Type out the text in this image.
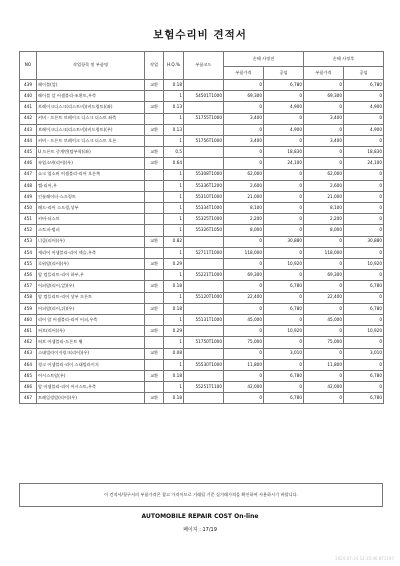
보험수리비 견적서
NO	작업항목 및 부품명	작업	H.Q.%	부품코드	손해 사정전		손해 사정후	
					부품가격	공임	부품가격	공임
439	레이블(앞)	교환	0.18		0	6,780	0	6,780
440	레이블 앞 어셈블리-조흰트,우측		1	54501T1000	69,300	0	69,300	0
441	브레이크디스크(리스트비)(비드링트)(좌)	교환	0.13		0	4,900	0	4,900
442	커버 - 프론트 브레이크 디스크 더스트 좌측		1	51755T1000	3,400	0	3,400	0
443	브레이크디스크(리스트비)(비드링트)(우)	교환	0.13		0	4,900	0	4,900
444	커버 - 프론트 브레이크 디스크 더스트 오른		1	51756T1000	3,400	0	3,400	0
445	U 프론트 중계빈(탈부착)(좌)	교환	0.5		0	18,830	0	18,830
446	쇽업소버(리어)(우)	교환	0.64		0	24,100	0	24,100
447	쇼크 업소버 어셈블리-리어 오른쪽		1	55308T1000	62,000	0	62,000	0
448	캡-리어,우		1	55336T1200	2,600	0	2,600	0
449	인슐레이터-스프링트		1	55310T1000	21,000	0	21,000	0
450	패드-리어 스프링,상부		1	55334T1000	8,100	0	8,100	0
451	커버-더스트		1	55325T1000	2,200	0	2,200	0
452	스토퍼-범퍼		1	55326T1050	8,000	0	8,000	0
453	너클(리어)(우)	교환	0.82		0	30,880	0	30,880
454	캐리어 어셈블리-리어 액슬,우측		1	52711T1000	118,000	0	118,000	0
455	로워암(리어)(우)	교환	0.29		0	10,920	0	10,920
456	암 컴플리트-리어 하부,우		1	55221T1000	69,300	0	69,300	0
457	어퍼암(리어,앞)(우)	교환	0.18		0	6,780	0	6,780
458	암 컴플리트-리어 상부 프론트		1	55120T1000	22,400	0	22,400	0
459	어퍼암(리어,뒤)(우)	교환	0.18		0	6,780	0	6,780
460	리어 암 어셈블리-리어 어퍼,우측		1	55131T1000	45,000	0	45,000	0
461	허브(리어)(우)	교환	0.29		0	10,920	0	10,920
462	허브 어셈블리-프론트 휠		1	51750T1000	75,000	0	75,000	0
463	스태빌라이저링크(리어)(우)	교환	0.08		0	3,010	0	3,010
464	링크 어셈블리-리어 스태빌라이저		1	55530T1000	11,800	0	11,800	0
465	어시스트암(우)	교환	0.18		0	6,780	0	6,780
466	암 어셈블리-리어 어시스트,우측		1	55251T1100	42,000	0	42,000	0
467	트레일링암(리어)(우)	교환	0.18		0	6,780	0	6,780
이 견적서/청구서의 부품가격은 참고 가격이므로 거래될 기준 실거래가격을 확인하여 사용하시기 바랍니다.
AUTOMOBILE REPAIR COST On-line
페이지 : 17/19
2024-07-24 12:35:40 8T1197
